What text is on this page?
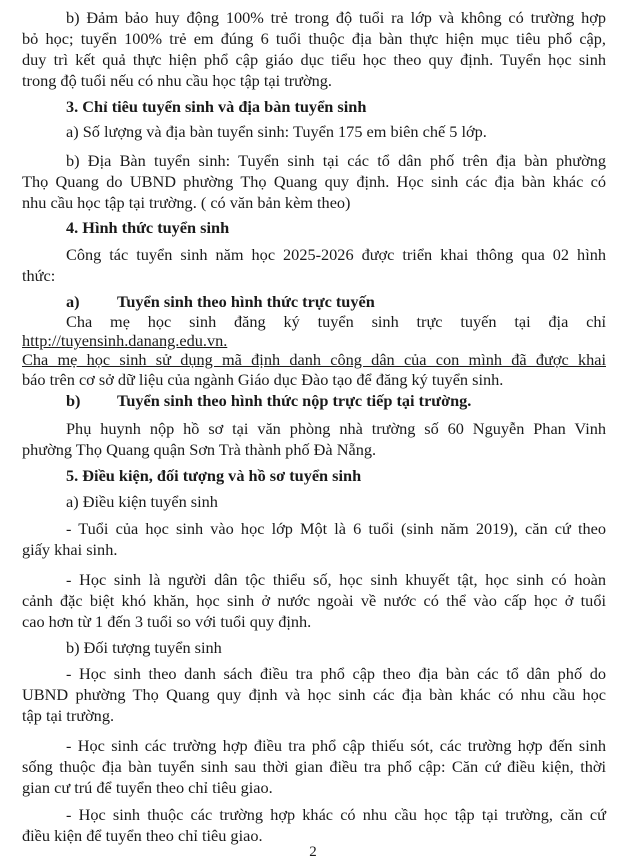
b) Đảm bảo huy động 100% trẻ trong độ tuổi ra lớp và không có trường hợp
bỏ học; tuyển 100% trẻ em đúng 6 tuổi thuộc địa bàn thực hiện mục tiêu phổ cập,
duy trì kết quả thực hiện phổ cập giáo dục tiểu học theo quy định. Tuyển học sinh
trong độ tuổi nếu có nhu cầu học tập tại trường.
3. Chỉ tiêu tuyển sinh và địa bàn tuyển sinh
a) Số lượng và địa bàn tuyển sinh: Tuyển 175 em biên chế 5 lớp.
b) Địa Bàn tuyển sinh: Tuyển sinh tại các tổ dân phố trên địa bàn phường
Thọ Quang do UBND phường Thọ Quang quy định. Học sinh các địa bàn khác có
nhu cầu học tập tại trường. ( có văn bản kèm theo)
4. Hình thức tuyển sinh
Công tác tuyển sinh năm học 2025-2026 được triển khai thông qua 02 hình
thức:
a) Tuyển sinh theo hình thức trực tuyến
Cha mẹ học sinh đăng ký tuyển sinh trực tuyến tại địa chỉ
http://tuyensinh.danang.edu.vn.
Cha mẹ học sinh sử dụng mã định danh công dân của con mình đã được khai
báo trên cơ sở dữ liệu của ngành Giáo dục Đào tạo để đăng ký tuyển sinh.
b) Tuyển sinh theo hình thức nộp trực tiếp tại trường.
Phụ huynh nộp hồ sơ tại văn phòng nhà trường số 60 Nguyễn Phan Vinh
phường Thọ Quang quận Sơn Trà thành phố Đà Nẵng.
5. Điều kiện, đối tượng và hồ sơ tuyển sinh
a) Điều kiện tuyển sinh
- Tuổi của học sinh vào học lớp Một là 6 tuổi (sinh năm 2019), căn cứ theo
giấy khai sinh.
- Học sinh là người dân tộc thiểu số, học sinh khuyết tật, học sinh có hoàn
cảnh đặc biệt khó khăn, học sinh ở nước ngoài về nước có thể vào cấp học ở tuổi
cao hơn từ 1 đến 3 tuổi so với tuổi quy định.
b) Đối tượng tuyển sinh
- Học sinh theo danh sách điều tra phổ cập theo địa bàn các tổ dân phố do
UBND phường Thọ Quang quy định và học sinh các địa bàn khác có nhu cầu học
tập tại trường.
- Học sinh các trường hợp điều tra phổ cập thiếu sót, các trường hợp đến sinh
sống thuộc địa bàn tuyển sinh sau thời gian điều tra phổ cập: Căn cứ điều kiện, thời
gian cư trú để tuyển theo chỉ tiêu giao.
- Học sinh thuộc các trường hợp khác có nhu cầu học tập tại trường, căn cứ
điều kiện để tuyển theo chỉ tiêu giao.
2
